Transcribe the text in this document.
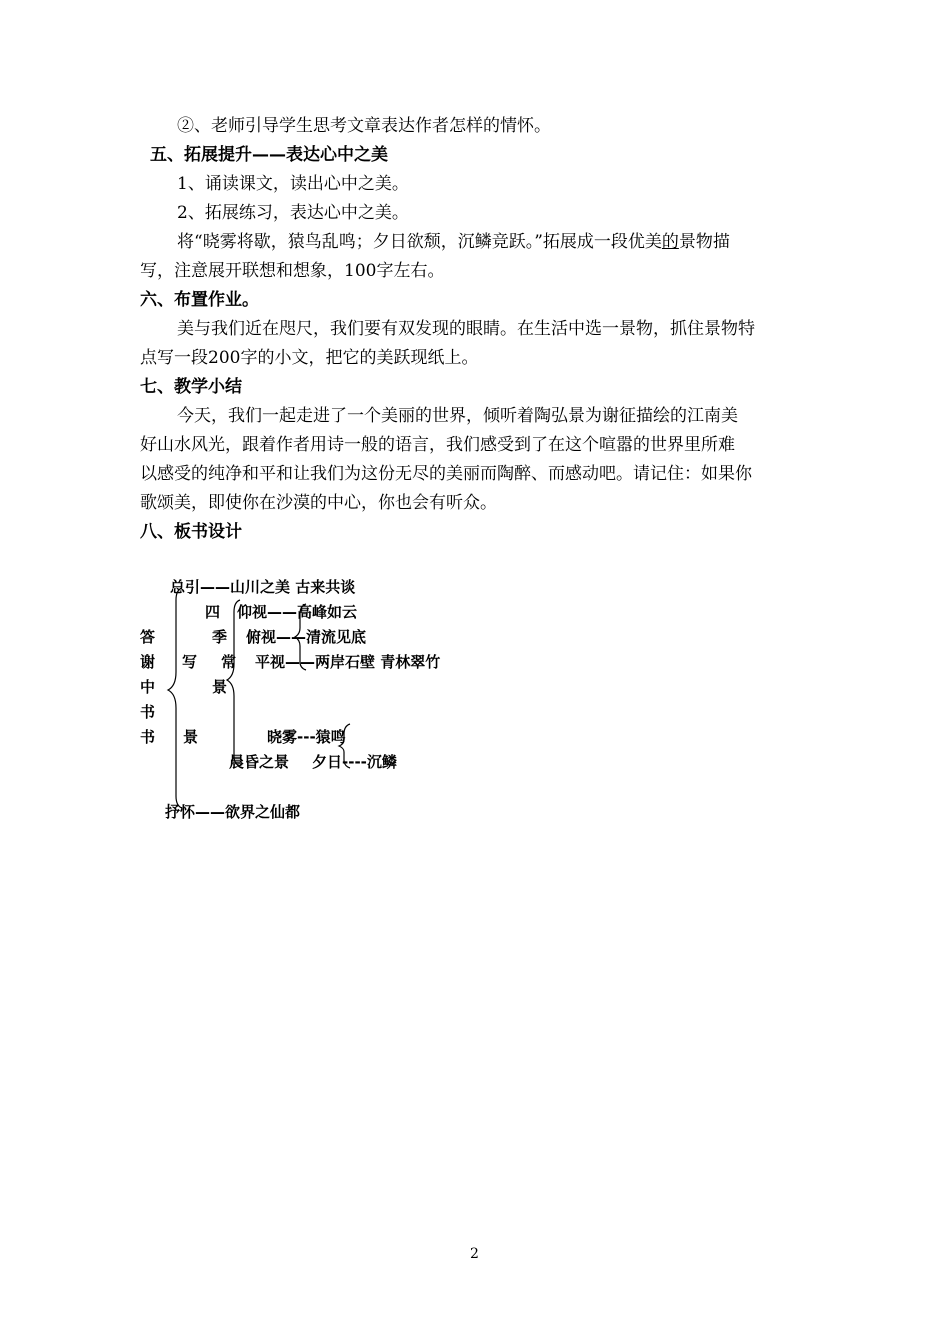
②、老师引导学生思考文章表达作者怎样的情怀。
五、拓展提升——表达心中之美
1、诵读课文，读出心中之美。
2、拓展练习，表达心中之美。
将“晓雾将歇，猿鸟乱鸣；夕日欲颓，沉鳞竞跃。”拓展成一段优美的景物描
写，注意展开联想和想象，100字左右。
六、布置作业。
美与我们近在咫尺，我们要有双发现的眼睛。在生活中选一景物，抓住景物特
点写一段200字的小文，把它的美跃现纸上。
七、教学小结
今天，我们一起走进了一个美丽的世界，倾听着陶弘景为谢征描绘的江南美
好山水风光，跟着作者用诗一般的语言，我们感受到了在这个喧嚣的世界里所难
以感受的纯净和平和让我们为这份无尽的美丽而陶醉、而感动吧。请记住：如果你
歌颂美，即使你在沙漠的中心，你也会有听众。
八、板书设计
总引——山川之美 古来共谈
四 仰视——高峰如云
答	季 俯视——清流见底
谢 写 常 平视——两岸石壁 青林翠竹
中	景
书
书 景	晓雾---猿鸣
晨昏之景 夕日----沉鳞
抒怀——欲界之仙都
2
